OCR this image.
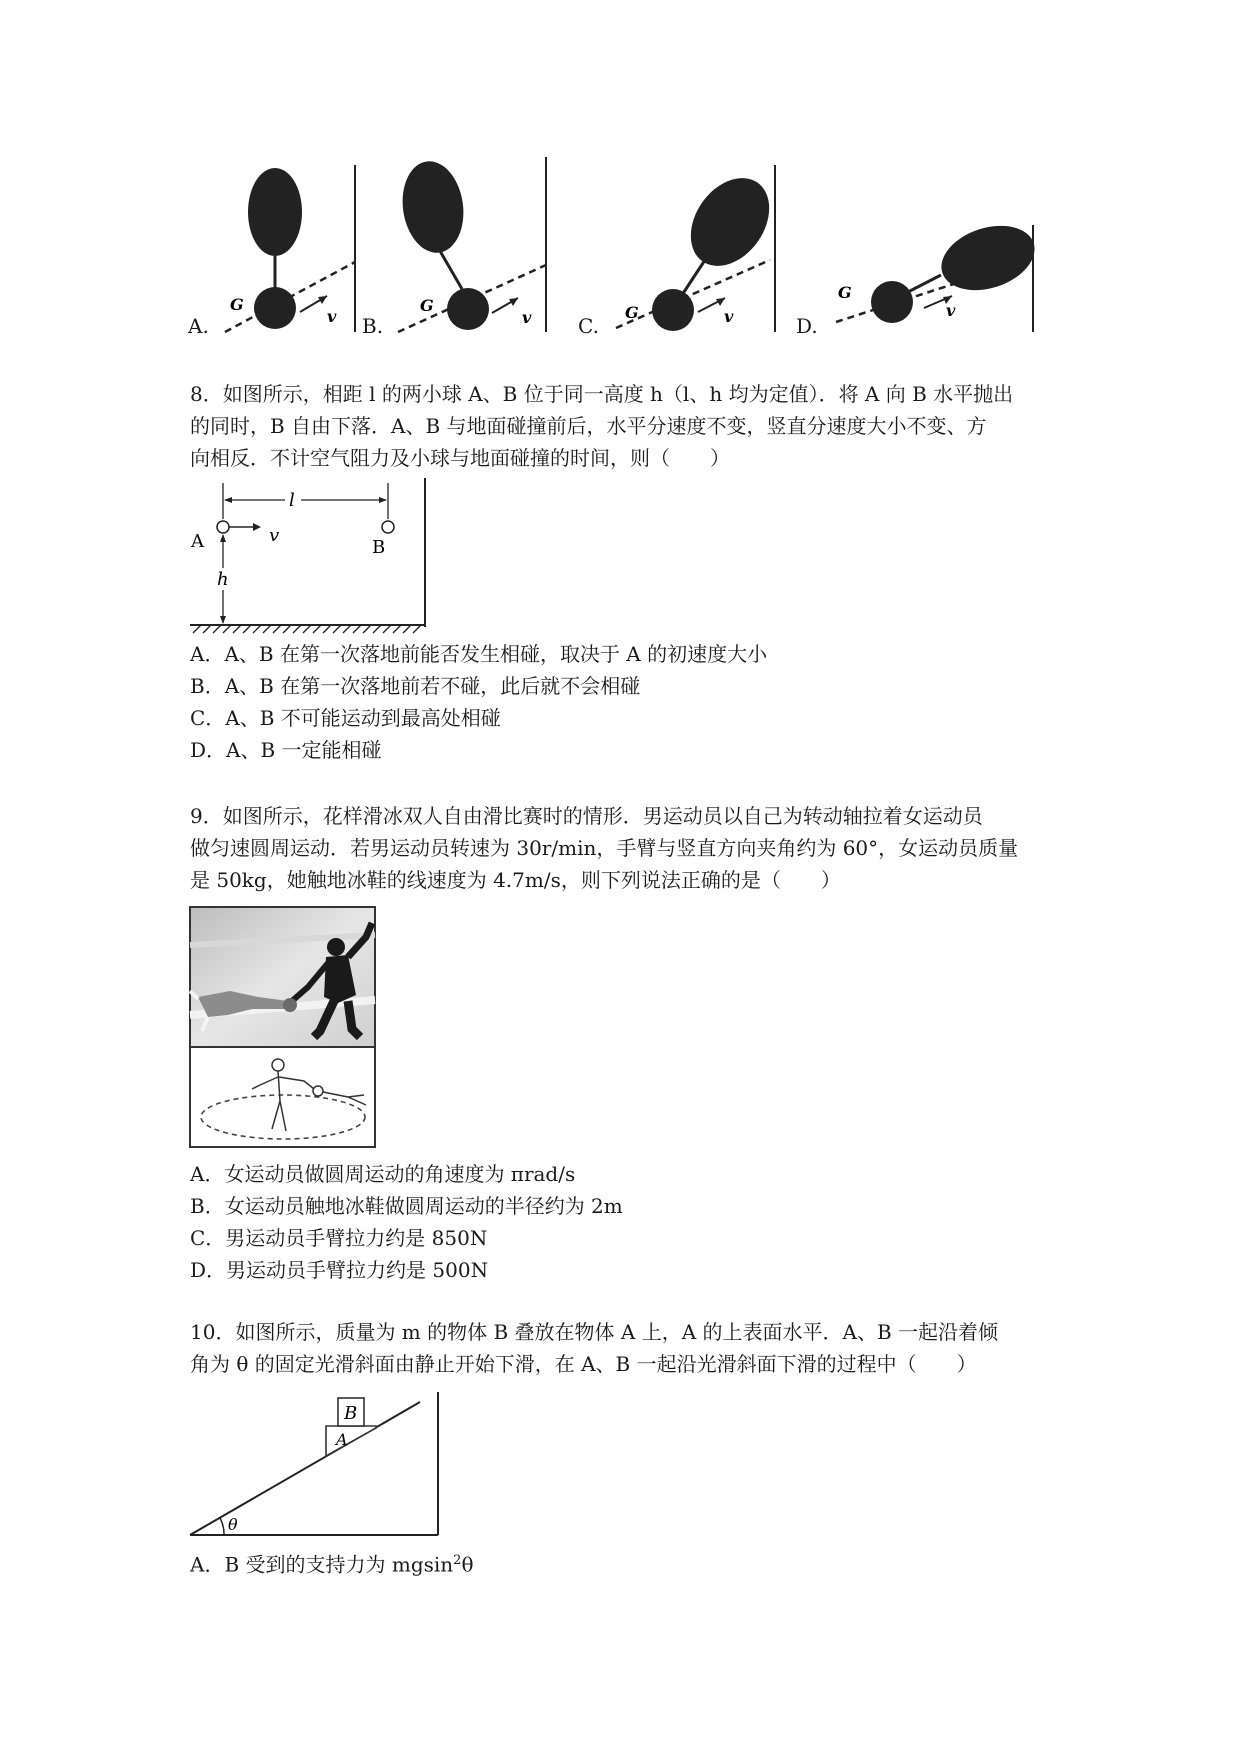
A.
G
v B.
G
v C.
G	v	D.
G
v

8．如图所示，相距 l 的两小球 A、B 位于同一高度 h（l、h 均为定值）．将 A 向 B 水平抛出

的同时，B 自由下落．A、B 与地面碰撞前后，水平分速度不变，竖直分速度大小不变、方

向相反．不计空气阻力及小球与地面碰撞的时间，则（　　）

l
A	v
B
h

A．A、B 在第一次落地前能否发生相碰，取决于 A 的初速度大小

B．A、B 在第一次落地前若不碰，此后就不会相碰

C．A、B 不可能运动到最高处相碰

D．A、B 一定能相碰

9．如图所示，花样滑冰双人自由滑比赛时的情形．男运动员以自己为转动轴拉着女运动员

做匀速圆周运动．若男运动员转速为 30r/min，手臂与竖直方向夹角约为 60°，女运动员质量

是 50kg，她触地冰鞋的线速度为 4.7m/s，则下列说法正确的是（　　）

A．女运动员做圆周运动的角速度为 πrad/s

B．女运动员触地冰鞋做圆周运动的半径约为 2m

C．男运动员手臂拉力约是 850N

D．男运动员手臂拉力约是 500N

10．如图所示，质量为 m 的物体 B 叠放在物体 A 上，A 的上表面水平．A、B 一起沿着倾

角为 θ 的固定光滑斜面由静止开始下滑，在 A、B 一起沿光滑斜面下滑的过程中（　　）

B
A
θ

A．B 受到的支持力为 mgsin$^2$θ
